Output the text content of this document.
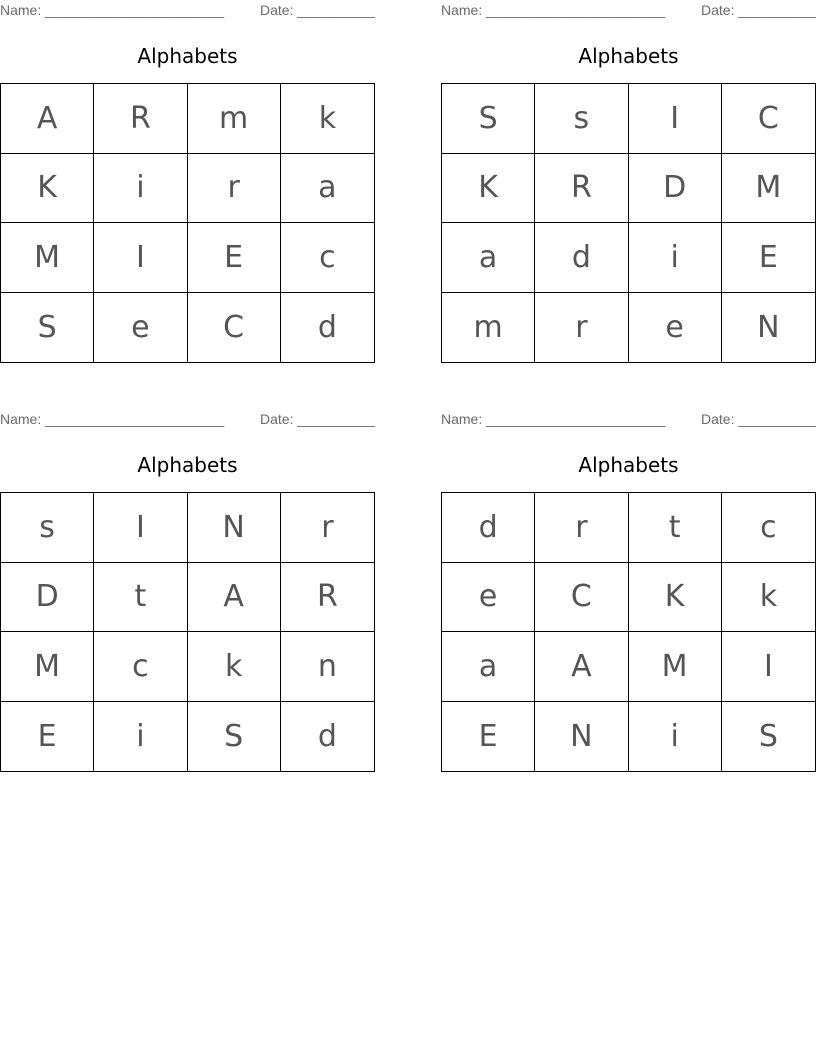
Name: _______________________	Date: __________
Alphabets
A	R	m	k
K	i	r	a
M	I	E	c
S	e	C	d
Name: _______________________	Date: __________
Alphabets
S	s	I	C
K	R	D	M
a	d	i	E
m	r	e	N
Name: _______________________	Date: __________
Alphabets
s	I	N	r
D	t	A	R
M	c	k	n
E	i	S	d
Name: _______________________	Date: __________
Alphabets
d	r	t	c
e	C	K	k
a	A	M	I
E	N	i	S
